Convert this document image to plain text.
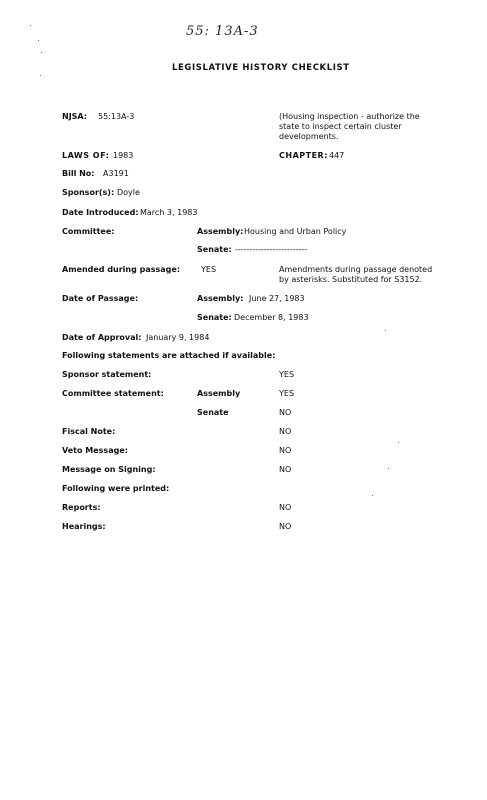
55: 13A-3
LEGISLATIVE HISTORY CHECKLIST
NJSA: 55:13A-3	(Housing inspection - authorize the state to inspect certain cluster developments.
LAWS OF: 1983	CHAPTER: 447
Bill No: A3191
Sponsor(s): Doyle
Date Introduced: March 3, 1983
Committee:	Assembly: Housing and Urban Policy
Senate: -------------------------
Amended during passage:	YES	Amendments during passage denoted by asterisks. Substituted for S3152.
Date of Passage:	Assembly: June 27, 1983
Senate: December 8, 1983
Date of Approval: January 9, 1984
Following statements are attached if available:
Sponsor statement:	YES
Committee statement:	Assembly	YES
Senate	NO
Fiscal Note:	NO
Veto Message:	NO
Message on Signing:	NO
Following were printed:
Reports:	NO
Hearings:	NO
